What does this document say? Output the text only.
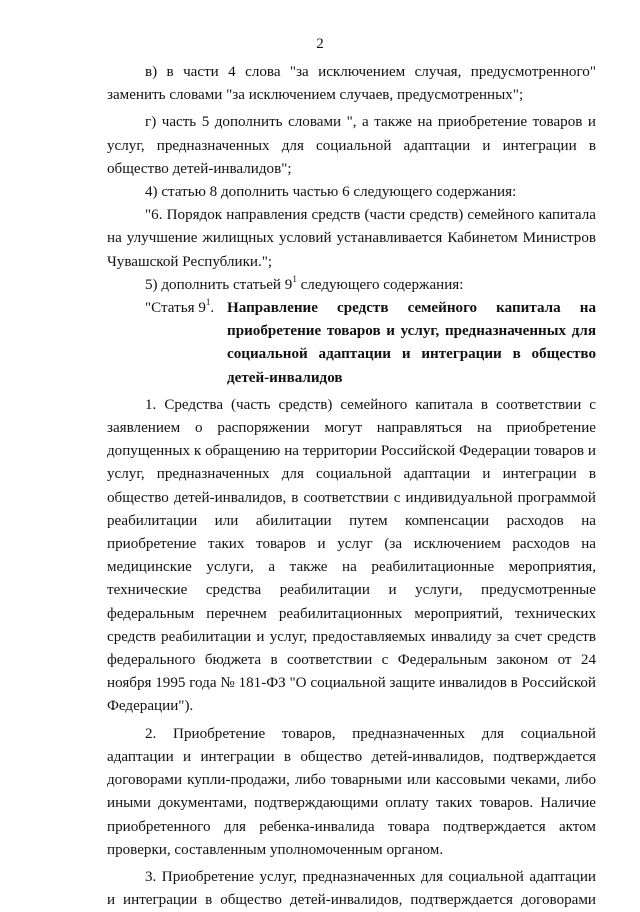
2

в) в части 4 слова "за исключением случая, предусмотренного" заменить словами "за исключением случаев, предусмотренных";

г) часть 5 дополнить словами ", а также на приобретение товаров и услуг, предназначенных для социальной адаптации и интеграции в общество детей-инвалидов";

4) статью 8 дополнить частью 6 следующего содержания:

"6. Порядок направления средств (части средств) семейного капитала на улучшение жилищных условий устанавливается Кабинетом Министров Чувашской Республики.";

5) дополнить статьей $9^1$ следующего содержания:

"Статья $9^1$. Направление средств семейного капитала на приобретение товаров и услуг, предназначенных для социальной адаптации и интеграции в общество детей-инвалидов

1. Средства (часть средств) семейного капитала в соответствии с заявлением о распоряжении могут направляться на приобретение допущенных к обращению на территории Российской Федерации товаров и услуг, предназначенных для социальной адаптации и интеграции в общество детей-инвалидов, в соответствии с индивидуальной программой реабилитации или абилитации путем компенсации расходов на приобретение таких товаров и услуг (за исключением расходов на медицинские услуги, а также на реабилитационные мероприятия, технические средства реабилитации и услуги, предусмотренные федеральным перечнем реабилитационных мероприятий, технических средств реабилитации и услуг, предоставляемых инвалиду за счет средств федерального бюджета в соответствии с Федеральным законом от 24 ноября 1995 года № 181-ФЗ "О социальной защите инвалидов в Российской Федерации").

2. Приобретение товаров, предназначенных для социальной адаптации и интеграции в общество детей-инвалидов, подтверждается договорами купли-продажи, либо товарными или кассовыми чеками, либо иными документами, подтверждающими оплату таких товаров. Наличие приобретенного для ребенка-инвалида товара подтверждается актом проверки, составленным уполномоченным органом.

3. Приобретение услуг, предназначенных для социальной адаптации и интеграции в общество детей-инвалидов, подтверждается договорами
